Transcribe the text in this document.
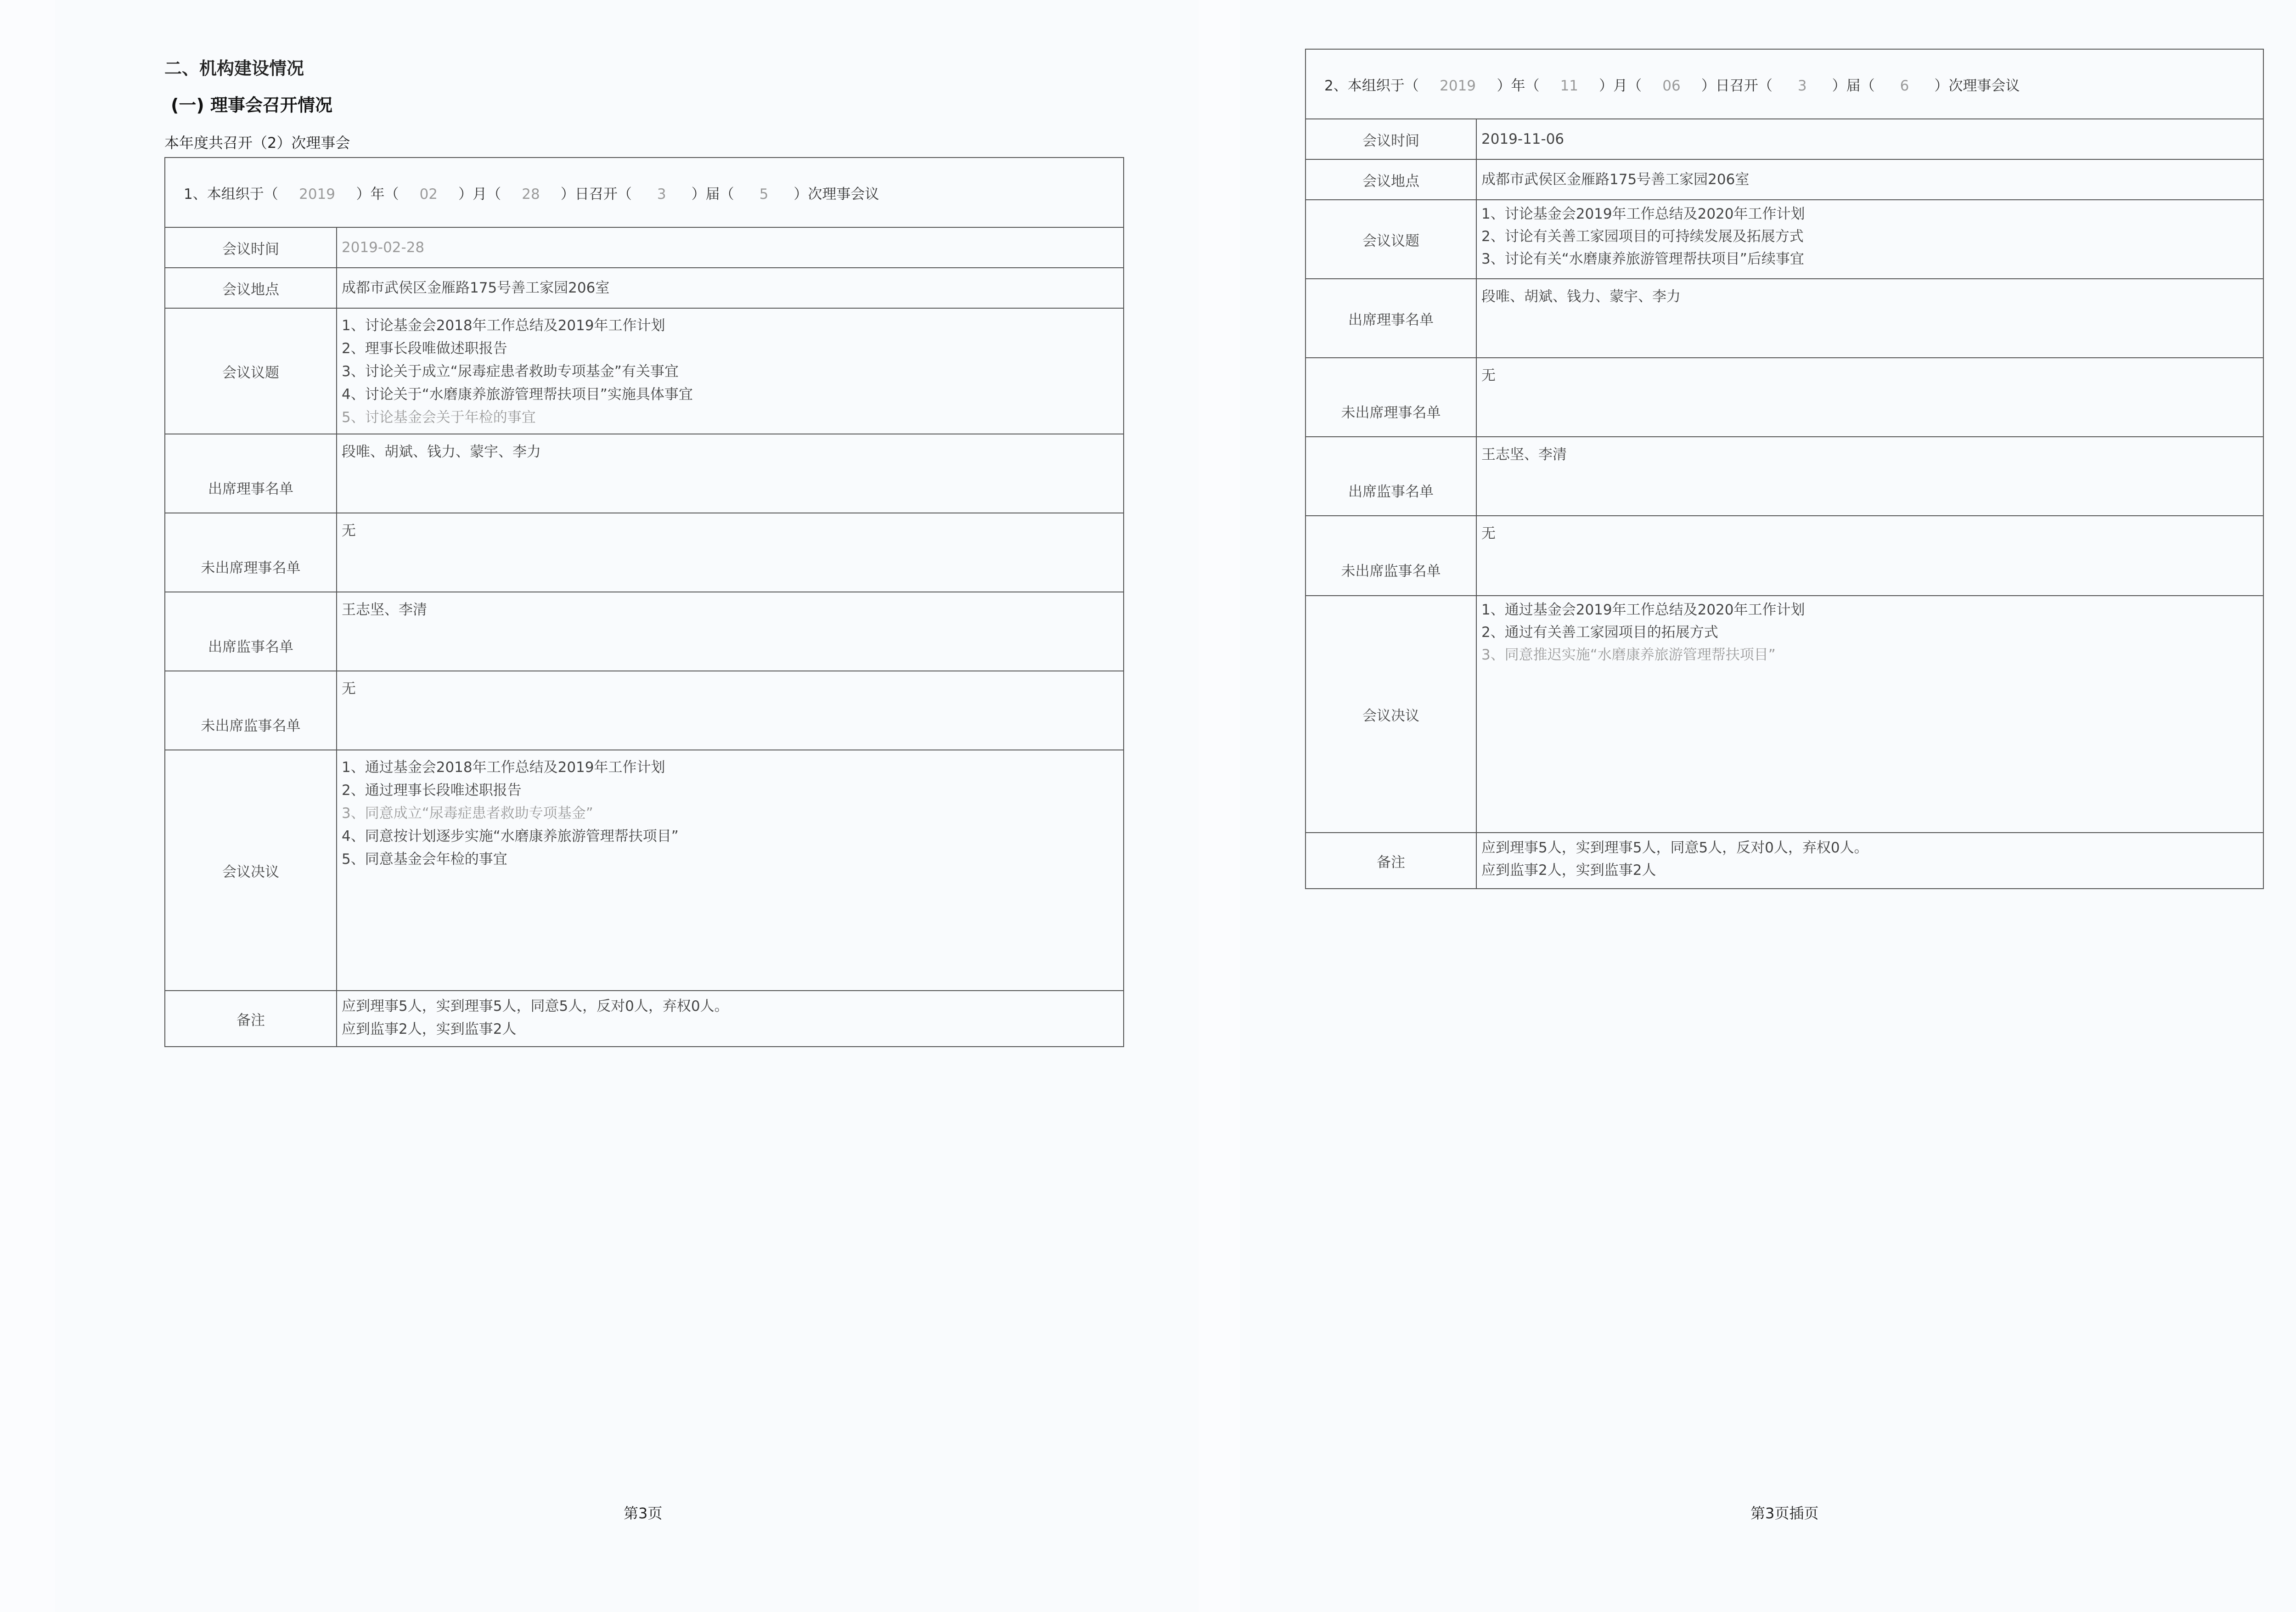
二、机构建设情况
(一) 理事会召开情况
本年度共召开（2）次理事会
1、本组织于（ 2019 ）年（ 02 ）月（ 28 ）日召开（ 3 ）届（ 5 ）次理事会议	
会议时间	2019-02-28

会议地点	成都市武侯区金雁路175号善工家园206室

会议议题	1、讨论基金会2018年工作总结及2019年工作计划
2、理事长段唯做述职报告
3、讨论关于成立“尿毒症患者救助专项基金”有关事宜
4、讨论关于“水磨康养旅游管理帮扶项目”实施具体事宜
5、讨论基金会关于年检的事宜

出席理事名单	段唯、胡斌、钱力、蒙宇、李力

未出席理事名单	无

出席监事名单	王志坚、李清

未出席监事名单	无

会议决议	1、通过基金会2018年工作总结及2019年工作计划
2、通过理事长段唯述职报告
3、同意成立“尿毒症患者救助专项基金”
4、同意按计划逐步实施“水磨康养旅游管理帮扶项目”
5、同意基金会年检的事宜

备注	应到理事5人，实到理事5人，同意5人，反对0人，弃权0人。
应到监事2人，实到监事2人
第3页
2、本组织于（ 2019 ）年（ 11 ）月（ 06 ）日召开（ 3 ）届（ 6 ）次理事会议	
会议时间	2019-11-06

会议地点	成都市武侯区金雁路175号善工家园206室

会议议题	1、讨论基金会2019年工作总结及2020年工作计划
2、讨论有关善工家园项目的可持续发展及拓展方式
3、讨论有关“水磨康养旅游管理帮扶项目”后续事宜

出席理事名单	段唯、胡斌、钱力、蒙宇、李力

未出席理事名单	无

出席监事名单	王志坚、李清

未出席监事名单	无

会议决议	1、通过基金会2019年工作总结及2020年工作计划
2、通过有关善工家园项目的拓展方式
3、同意推迟实施“水磨康养旅游管理帮扶项目”

备注	应到理事5人，实到理事5人，同意5人，反对0人，弃权0人。
应到监事2人，实到监事2人
第3页插页
